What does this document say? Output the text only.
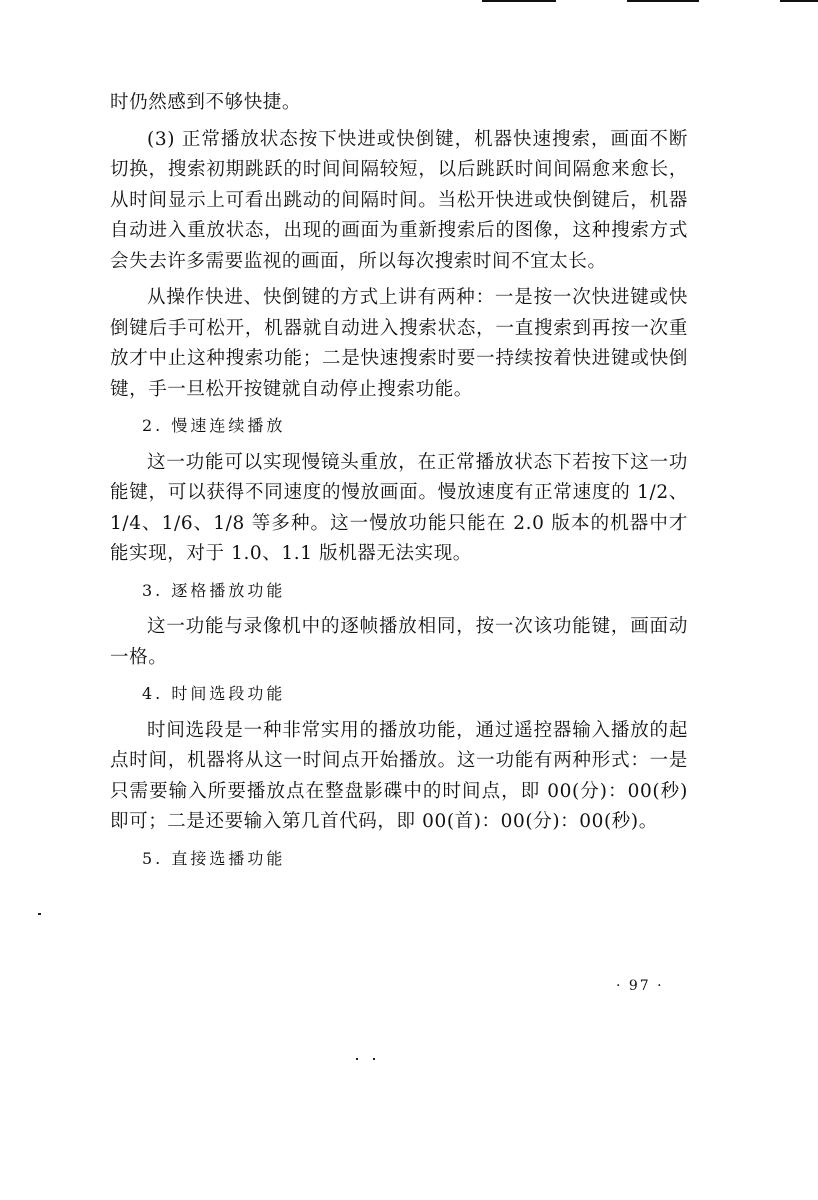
时仍然感到不够快捷。

(3) 正常播放状态按下快进或快倒键，机器快速搜索，画面不断切换，搜索初期跳跃的时间间隔较短，以后跳跃时间间隔愈来愈长，从时间显示上可看出跳动的间隔时间。当松开快进或快倒键后，机器自动进入重放状态，出现的画面为重新搜索后的图像，这种搜索方式会失去许多需要监视的画面，所以每次搜索时间不宜太长。

从操作快进、快倒键的方式上讲有两种：一是按一次快进键或快倒键后手可松开，机器就自动进入搜索状态，一直搜索到再按一次重放才中止这种搜索功能；二是快速搜索时要一持续按着快进键或快倒键，手一旦松开按键就自动停止搜索功能。

2. 慢速连续播放

这一功能可以实现慢镜头重放，在正常播放状态下若按下这一功能键，可以获得不同速度的慢放画面。慢放速度有正常速度的 1/2、1/4、1/6、1/8 等多种。这一慢放功能只能在 2.0 版本的机器中才能实现，对于 1.0、1.1 版机器无法实现。

3. 逐格播放功能

这一功能与录像机中的逐帧播放相同，按一次该功能键，画面动一格。

4. 时间选段功能

时间选段是一种非常实用的播放功能，通过遥控器输入播放的起点时间，机器将从这一时间点开始播放。这一功能有两种形式：一是只需要输入所要播放点在整盘影碟中的时间点，即 00(分)：00(秒)即可；二是还要输入第几首代码，即 00(首)：00(分)：00(秒)。

5. 直接选播功能
· 97 ·
